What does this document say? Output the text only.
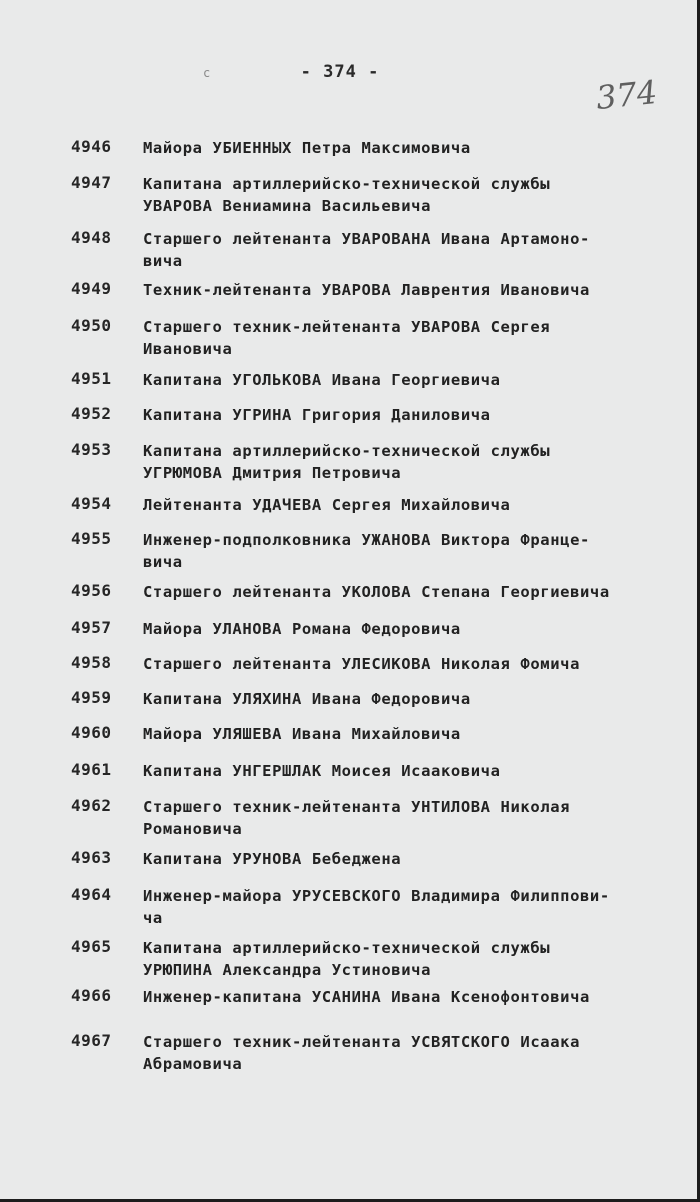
с	- 374 -
374
4946	Майора УБИЕННЫХ Петра Максимовича
4947	Капитана артиллерийско-технической службы
УВАРОВА Вениамина Васильевича
4948	Старшего лейтенанта УВАРОВАНА Ивана Артамоно-
вича
4949	Техник-лейтенанта УВАРОВА Лаврентия Ивановича
4950	Старшего техник-лейтенанта УВАРОВА Сергея
Ивановича
4951	Капитана УГОЛЬКОВА Ивана Георгиевича
4952	Капитана УГРИНА Григория Даниловича
4953	Капитана артиллерийско-технической службы
УГРЮМОВА Дмитрия Петровича
4954	Лейтенанта УДАЧЕВА Сергея Михайловича
4955	Инженер-подполковника УЖАНОВА Виктора Франце-
вича
4956	Старшего лейтенанта УКОЛОВА Степана Георгиевича
4957	Майора УЛАНОВА Романа Федоровича
4958	Старшего лейтенанта УЛЕСИКОВА Николая Фомича
4959	Капитана УЛЯХИНА Ивана Федоровича
4960	Майора УЛЯШЕВА Ивана Михайловича
4961	Капитана УНГЕРШЛАК Моисея Исааковича
4962	Старшего техник-лейтенанта УНТИЛОВА Николая
Романовича
4963	Капитана УРУНОВА Бебеджена
4964	Инженер-майора УРУСЕВСКОГО Владимира Филиппови-
ча
4965	Капитана артиллерийско-технической службы
УРЮПИНА Александра Устиновича
4966	Инженер-капитана УСАНИНА Ивана Ксенофонтовича
4967	Старшего техник-лейтенанта УСВЯТСКОГО Исаака
Абрамовича
